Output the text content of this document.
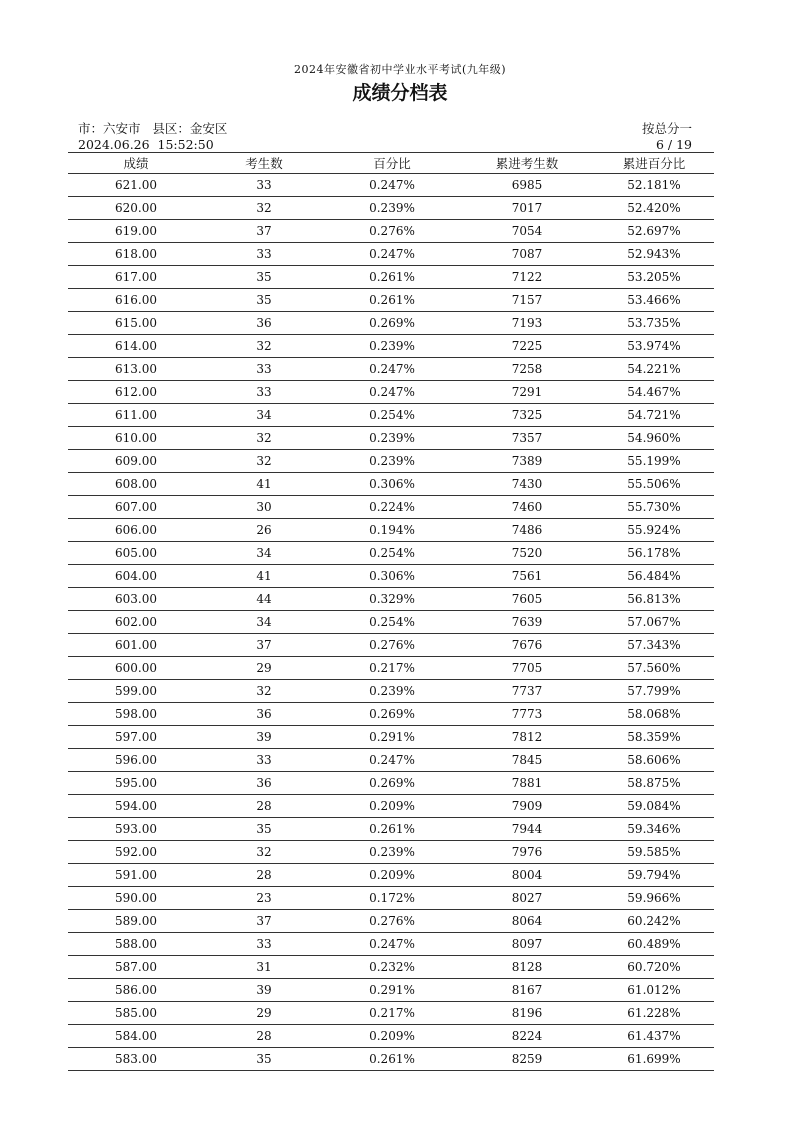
2024年安徽省初中学业水平考试(九年级)
成绩分档表
市：六安市   县区：金安区
2024.06.26  15:52:50
按总分一
6 / 19
成绩	考生数	百分比	累进考生数	累进百分比
621.00	33	0.247%	6985	52.181%
620.00	32	0.239%	7017	52.420%
619.00	37	0.276%	7054	52.697%
618.00	33	0.247%	7087	52.943%
617.00	35	0.261%	7122	53.205%
616.00	35	0.261%	7157	53.466%
615.00	36	0.269%	7193	53.735%
614.00	32	0.239%	7225	53.974%
613.00	33	0.247%	7258	54.221%
612.00	33	0.247%	7291	54.467%
611.00	34	0.254%	7325	54.721%
610.00	32	0.239%	7357	54.960%
609.00	32	0.239%	7389	55.199%
608.00	41	0.306%	7430	55.506%
607.00	30	0.224%	7460	55.730%
606.00	26	0.194%	7486	55.924%
605.00	34	0.254%	7520	56.178%
604.00	41	0.306%	7561	56.484%
603.00	44	0.329%	7605	56.813%
602.00	34	0.254%	7639	57.067%
601.00	37	0.276%	7676	57.343%
600.00	29	0.217%	7705	57.560%
599.00	32	0.239%	7737	57.799%
598.00	36	0.269%	7773	58.068%
597.00	39	0.291%	7812	58.359%
596.00	33	0.247%	7845	58.606%
595.00	36	0.269%	7881	58.875%
594.00	28	0.209%	7909	59.084%
593.00	35	0.261%	7944	59.346%
592.00	32	0.239%	7976	59.585%
591.00	28	0.209%	8004	59.794%
590.00	23	0.172%	8027	59.966%
589.00	37	0.276%	8064	60.242%
588.00	33	0.247%	8097	60.489%
587.00	31	0.232%	8128	60.720%
586.00	39	0.291%	8167	61.012%
585.00	29	0.217%	8196	61.228%
584.00	28	0.209%	8224	61.437%
583.00	35	0.261%	8259	61.699%
